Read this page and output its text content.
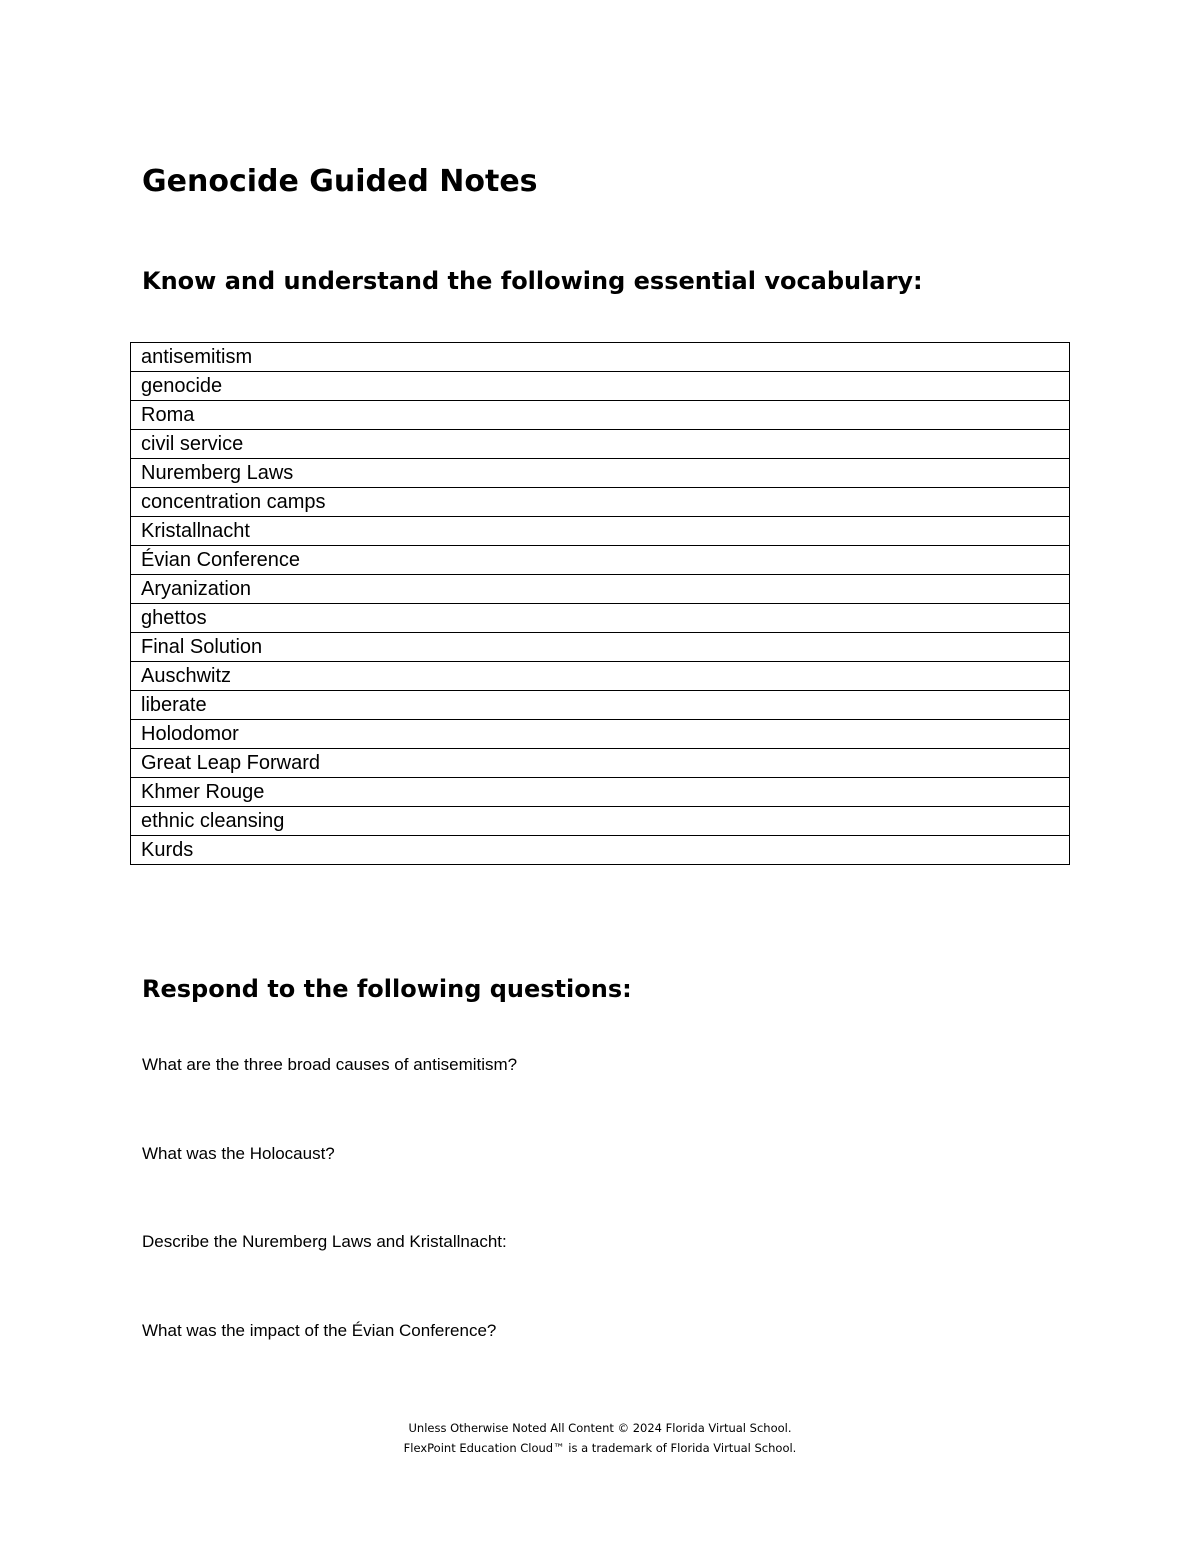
Genocide Guided Notes
Know and understand the following essential vocabulary:
antisemitism
genocide
Roma
civil service
Nuremberg Laws
concentration camps
Kristallnacht
Évian Conference
Aryanization
ghettos
Final Solution
Auschwitz
liberate
Holodomor
Great Leap Forward
Khmer Rouge
ethnic cleansing
Kurds
Respond to the following questions:

What are the three broad causes of antisemitism?

What was the Holocaust?

Describe the Nuremberg Laws and Kristallnacht:

What was the impact of the Évian Conference?

Unless Otherwise Noted All Content © 2024 Florida Virtual School.

FlexPoint Education Cloud™ is a trademark of Florida Virtual School.
